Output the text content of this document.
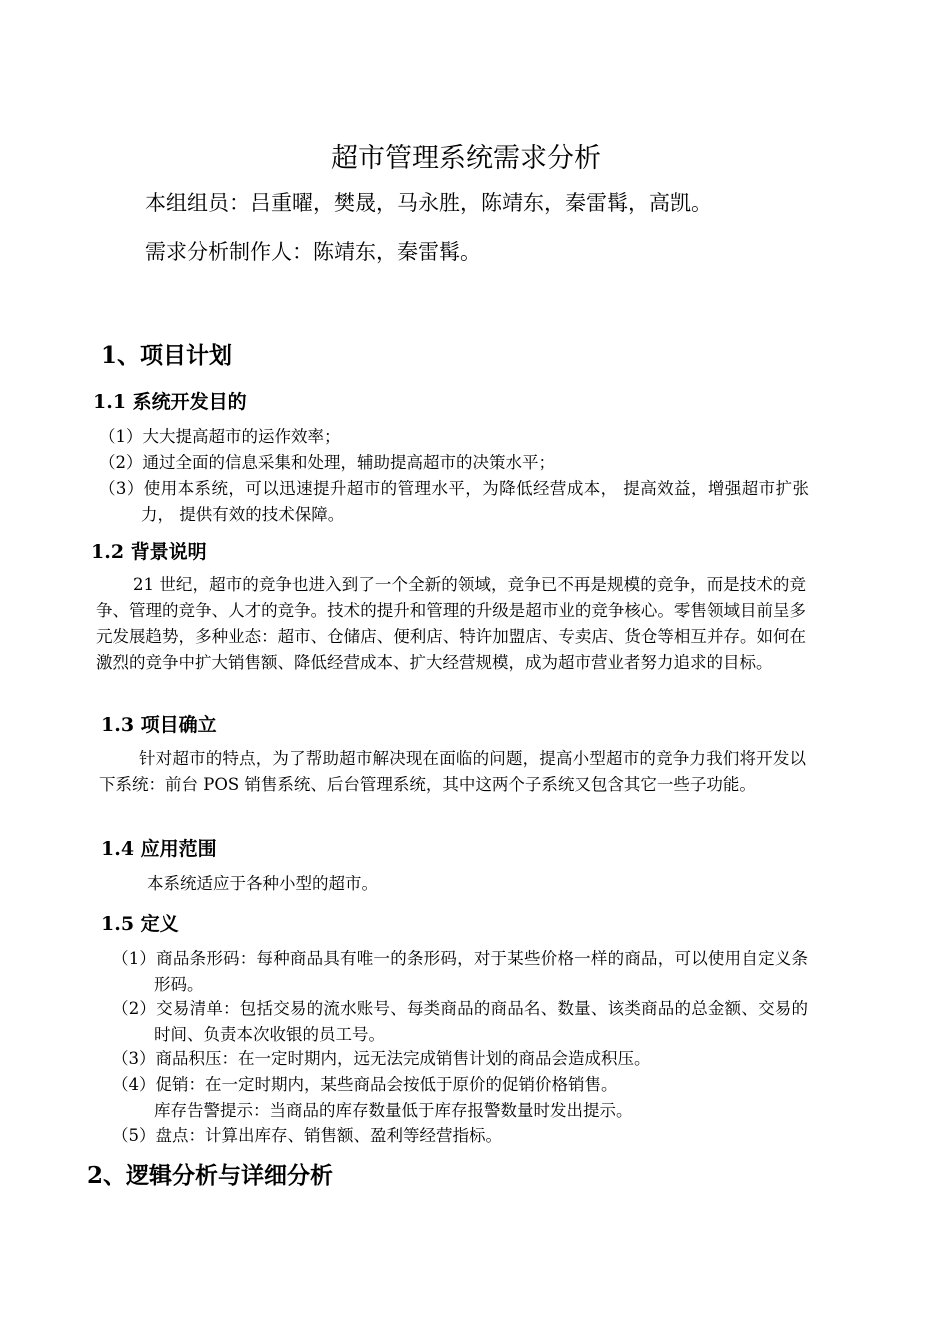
超市管理系统需求分析
本组组员：吕重曜，樊晟，马永胜，陈靖东，秦雷髯，高凯。
需求分析制作人：陈靖东，秦雷髯。
1、项目计划
1.1 系统开发目的
（1）大大提高超市的运作效率；
（2）通过全面的信息采集和处理，辅助提高超市的决策水平；
（3）使用本系统，可以迅速提升超市的管理水平，为降低经营成本， 提高效益，增强超市扩张力， 提供有效的技术保障。
1.2 背景说明
21 世纪，超市的竞争也进入到了一个全新的领域，竞争已不再是规模的竞争，而是技术的竞争、管理的竞争、人才的竞争。技术的提升和管理的升级是超市业的竞争核心。零售领域目前呈多元发展趋势，多种业态：超市、仓储店、便利店、特许加盟店、专卖店、货仓等相互并存。如何在激烈的竞争中扩大销售额、降低经营成本、扩大经营规模，成为超市营业者努力追求的目标。
1.3 项目确立
针对超市的特点，为了帮助超市解决现在面临的问题，提高小型超市的竞争力我们将开发以下系统：前台 POS 销售系统、后台管理系统，其中这两个子系统又包含其它一些子功能。
1.4 应用范围
本系统适应于各种小型的超市。
1.5 定义
（1）商品条形码：每种商品具有唯一的条形码，对于某些价格一样的商品，可以使用自定义条形码。
（2）交易清单：包括交易的流水账号、每类商品的商品名、数量、该类商品的总金额、交易的时间、负责本次收银的员工号。
（3）商品积压：在一定时期内，远无法完成销售计划的商品会造成积压。
（4）促销：在一定时期内，某些商品会按低于原价的促销价格销售。
库存告警提示：当商品的库存数量低于库存报警数量时发出提示。
（5）盘点：计算出库存、销售额、盈利等经营指标。
2、逻辑分析与详细分析
